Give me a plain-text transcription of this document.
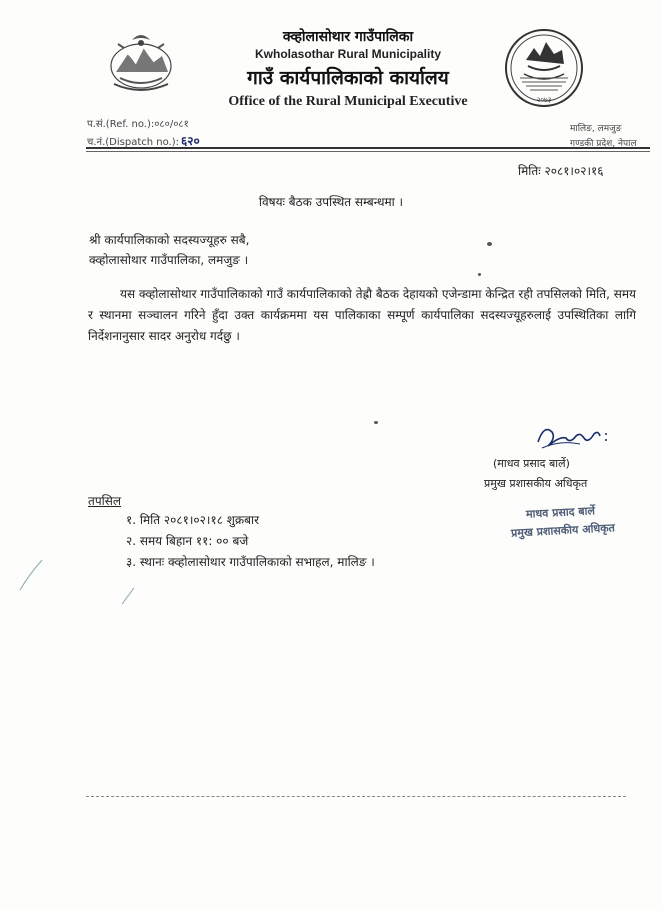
क्व्होलासोथार गाउँपालिका
Kwholasothar Rural Municipality
गाउँ कार्यपालिकाको कार्यालय
Office of the Rural Municipal Executive	२०७३
प.सं.(Ref. no.):०८०/०८१
च.नं.(Dispatch no.): ६२०
मालिङ, लमजुङ
गण्डकी प्रदेश, नेपाल
मितिः २०८१।०२।१६
विषयः बैठक उपस्थित सम्बन्धमा ।
श्री कार्यपालिकाको सदस्यज्यूहरु सबै,
क्व्होलासोथार गाउँपालिका, लमजुङ ।

यस क्व्होलासोथार गाउँपालिकाको गाउँ कार्यपालिकाको तेह्रौ बैठक देहायको एजेन्डामा केन्द्रित रही तपसिलको मिति, समय र स्थानमा सञ्चालन गरिने हुँदा उक्त कार्यक्रममा यस पालिकाका सम्पूर्ण कार्यपालिका सदस्यज्यूहरुलाई उपस्थितिका लागि निर्देशनानुसार सादर अनुरोध गर्दछु ।

(माधव प्रसाद बार्ले)
प्रमुख प्रशासकीय अधिकृत
माधव प्रसाद बार्ले
प्रमुख प्रशासकीय अधिकृत
तपसिल
१. मिति २०८१।०२।१८ शुक्रबार
२. समय बिहान ११: ०० बजे
३. स्थानः क्व्होलासोथार गाउँपालिकाको सभाहल, मालिङ ।
